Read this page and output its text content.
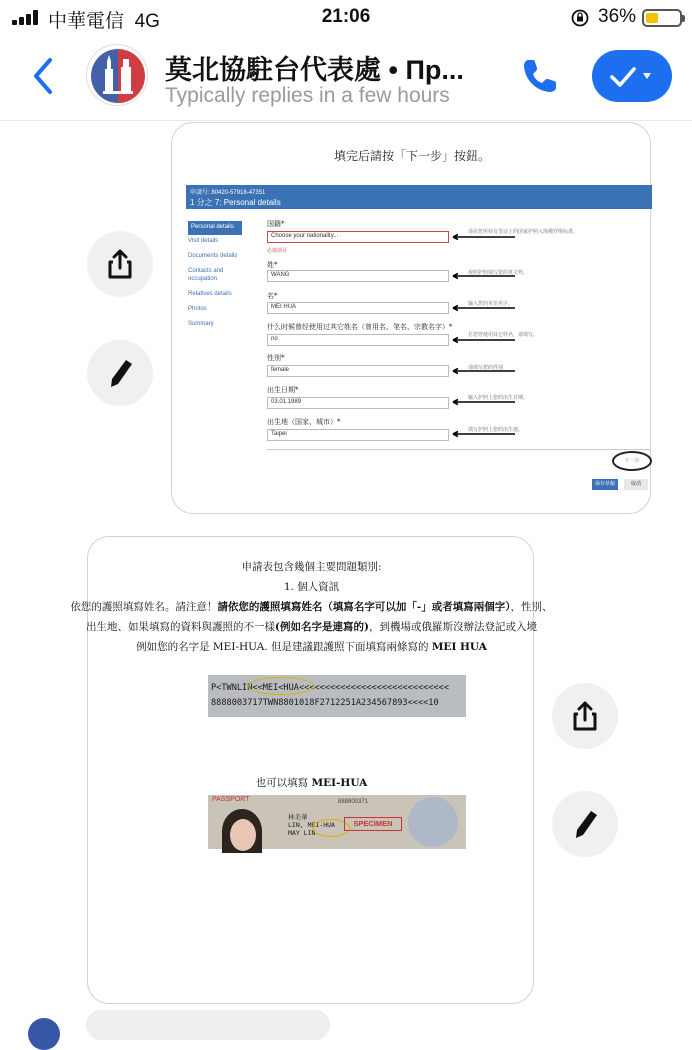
中華電信 4G	21:06	36%
莫北協駐台代表處 • Пр...
Typically replies in a few hours
填完后請按「下一步」按鈕。
申請号: 80420-57918-47351
1 分之 7: Personal details
Personal details
Visit details
Documents details
Contacts and occupation
Relatives details
Photos
Summary
国籍*
Choose your nationality...
必填项目
请在您所持有签证上的国家护照入境俄罗斯标准。
姓*
WANG	按照护照填写您的英文姓。
名*
MEI HUA	输入您的英语名字。
什么时候曾经使用过其它姓名（曾用名、笔名、宗教名字）*
no
若您曾使用其它姓名，请填写。
性別*
female	请填写您的性别
出生日期*
03.01.1989
输入护照上您的出生日期。
出生地（国家、城市）*
Taipei
填写护照上您的出生地。
下一步
保存草稿	取消
申請表包含幾個主要問題類別:
1. 個人資訊
依您的護照填寫姓名。請注意！請依您的護照填寫姓名（填寫名字可以加「-」或者填寫兩個字），性別、
出生地、如果填寫的資料與護照的不一樣(例如名字是連寫的)，到機場或俄羅斯沒辦法登記或入境
例如您的名字是 MEI-HUA. 但是建議跟護照下面填寫兩條寫的 MEI HUA
P<TWNLIN<<MEI<HUA<<<<<<<<<<<<<<<<<<<<<<<<<<<<<
8888003717TWN8801018F2712251A234567893<<<<10
也可以填寫 MEI-HUA
PASSPORT	888800371
林美華
LIN, MEI-HUA
MAY LIN
SPECIMEN
